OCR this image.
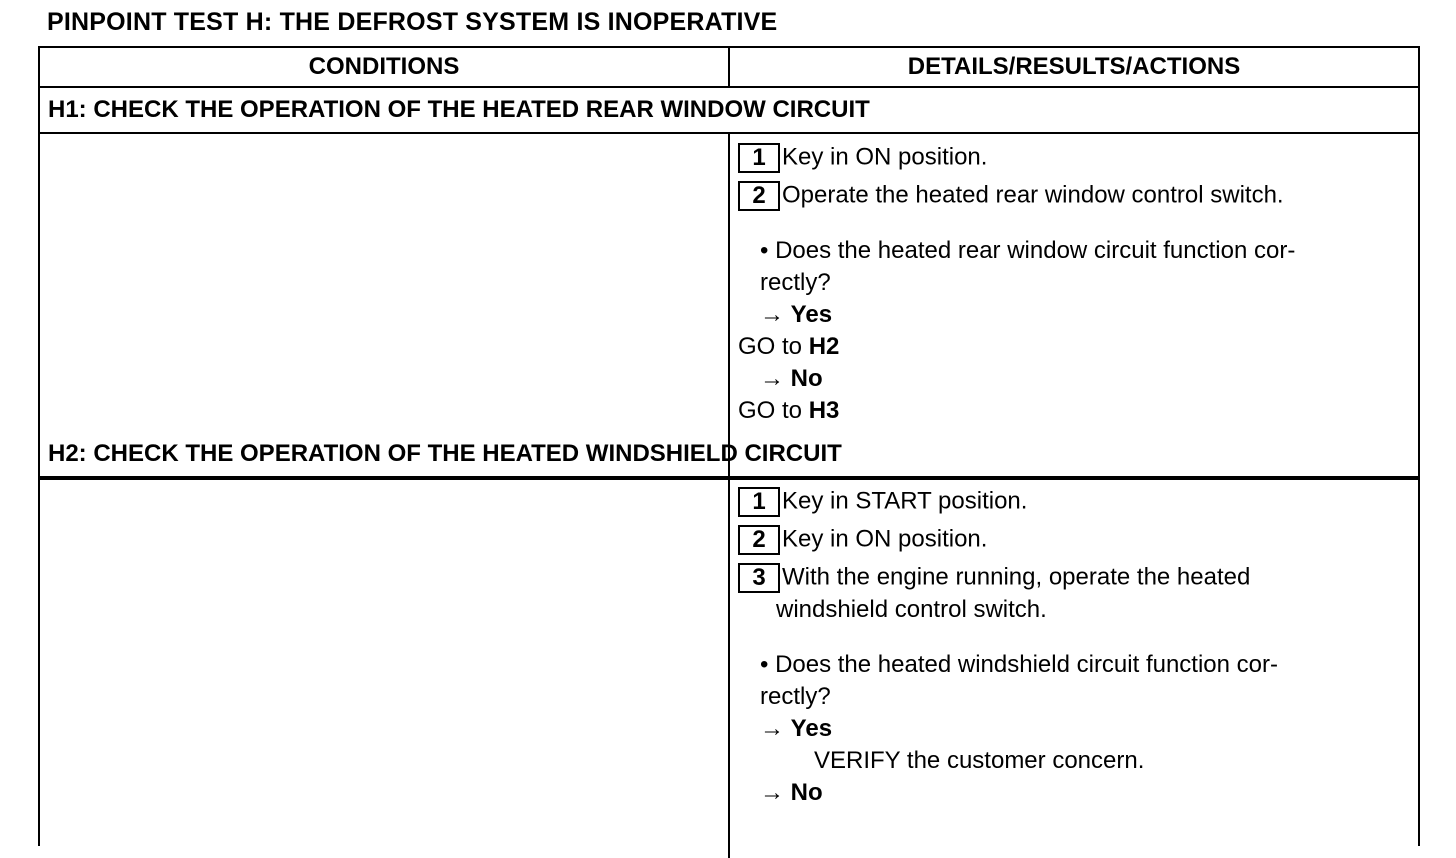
PINPOINT TEST H: THE DEFROST SYSTEM IS INOPERATIVE
CONDITIONS	DETAILS/RESULTS/ACTIONS
H1: CHECK THE OPERATION OF THE HEATED REAR WINDOW CIRCUIT
1 Key in ON position.
2 Operate the heated rear window control switch.
• Does the heated rear window circuit function cor-
rectly?
→ Yes
GO to H2
→ No
GO to H3
H2: CHECK THE OPERATION OF THE HEATED WINDSHIELD CIRCUIT
1 Key in START position.
2 Key in ON position.
3 With the engine running, operate the heated
windshield control switch.
• Does the heated windshield circuit function cor-
rectly?
→ Yes
VERIFY the customer concern.
→ No
